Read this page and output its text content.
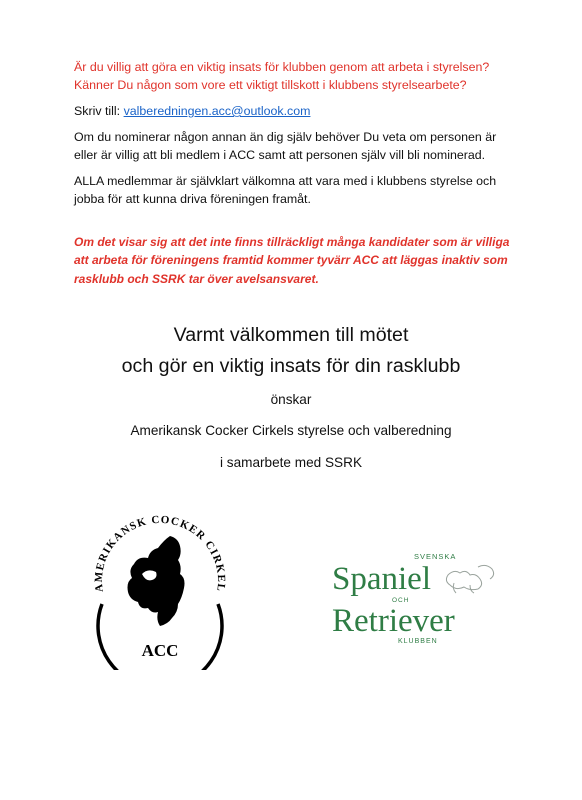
Är du villig att göra en viktig insats för klubben genom att arbeta i styrelsen?
Känner Du någon som vore ett viktigt tillskott i klubbens styrelsearbete?
Skriv till: valberedningen.acc@outlook.com
Om du nominerar någon annan än dig själv behöver Du veta om personen är
eller är villig att bli medlem i ACC samt att personen själv vill bli nominerad.
ALLA medlemmar är självklart välkomna att vara med i klubbens styrelse och
jobba för att kunna driva föreningen framåt.
Om det visar sig att det inte finns tillräckligt många kandidater som är villiga
att arbeta för föreningens framtid kommer tyvärr ACC att läggas inaktiv som
rasklubb och SSRK tar över avelsansvaret.
Varmt välkommen till mötet
och gör en viktig insats för din rasklubb
önskar
Amerikansk Cocker Cirkels styrelse och valberedning
i samarbete med SSRK
AMERIKANSK COCKER CIRKEL
ACC
SVENSKA
Spaniel
OCH
Retriever
KLUBBEN
